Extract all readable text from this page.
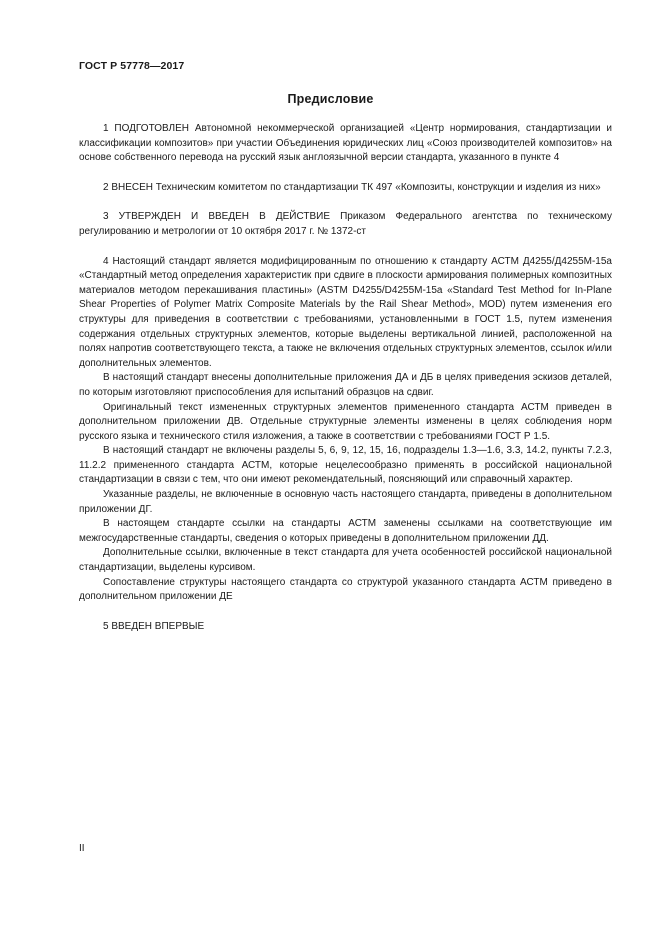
ГОСТ Р 57778—2017
Предисловие

1 ПОДГОТОВЛЕН Автономной некоммерческой организацией «Центр нормирования, стандартизации и классификации композитов» при участии Объединения юридических лиц «Союз производителей композитов» на основе собственного перевода на русский язык англоязычной версии стандарта, указанного в пункте 4

2 ВНЕСЕН Техническим комитетом по стандартизации ТК 497 «Композиты, конструкции и изделия из них»

3 УТВЕРЖДЕН И ВВЕДЕН В ДЕЙСТВИЕ Приказом Федерального агентства по техническому регулированию и метрологии от 10 октября 2017 г. № 1372-ст

4 Настоящий стандарт является модифицированным по отношению к стандарту АСТМ Д4255/Д4255М-15а «Стандартный метод определения характеристик при сдвиге в плоскости армирования полимерных композитных материалов методом перекашивания пластины» (ASTM D4255/D4255M-15a «Standard Test Method for In-Plane Shear Properties of Polymer Matrix Composite Materials by the Rail Shear Method», MOD) путем изменения его структуры для приведения в соответствии с требованиями, установленными в ГОСТ 1.5, путем изменения содержания отдельных структурных элементов, которые выделены вертикальной линией, расположенной на полях напротив соответствующего текста, а также не включения отдельных структурных элементов, ссылок и/или дополнительных элементов.

В настоящий стандарт внесены дополнительные приложения ДА и ДБ в целях приведения эскизов деталей, по которым изготовляют приспособления для испытаний образцов на сдвиг.

Оригинальный текст измененных структурных элементов примененного стандарта АСТМ приведен в дополнительном приложении ДВ. Отдельные структурные элементы изменены в целях соблюдения норм русского языка и технического стиля изложения, а также в соответствии с требованиями ГОСТ Р 1.5.

В настоящий стандарт не включены разделы 5, 6, 9, 12, 15, 16, подразделы 1.3—1.6, 3.3, 14.2, пункты 7.2.3, 11.2.2 примененного стандарта АСТМ, которые нецелесообразно применять в российской национальной стандартизации в связи с тем, что они имеют рекомендательный, поясняющий или справочный характер.

Указанные разделы, не включенные в основную часть настоящего стандарта, приведены в дополнительном приложении ДГ.

В настоящем стандарте ссылки на стандарты АСТМ заменены ссылками на соответствующие им межгосударственные стандарты, сведения о которых приведены в дополнительном приложении ДД.

Дополнительные ссылки, включенные в текст стандарта для учета особенностей российской национальной стандартизации, выделены курсивом.

Сопоставление структуры настоящего стандарта со структурой указанного стандарта АСТМ приведено в дополнительном приложении ДЕ

5 ВВЕДЕН ВПЕРВЫЕ

II
